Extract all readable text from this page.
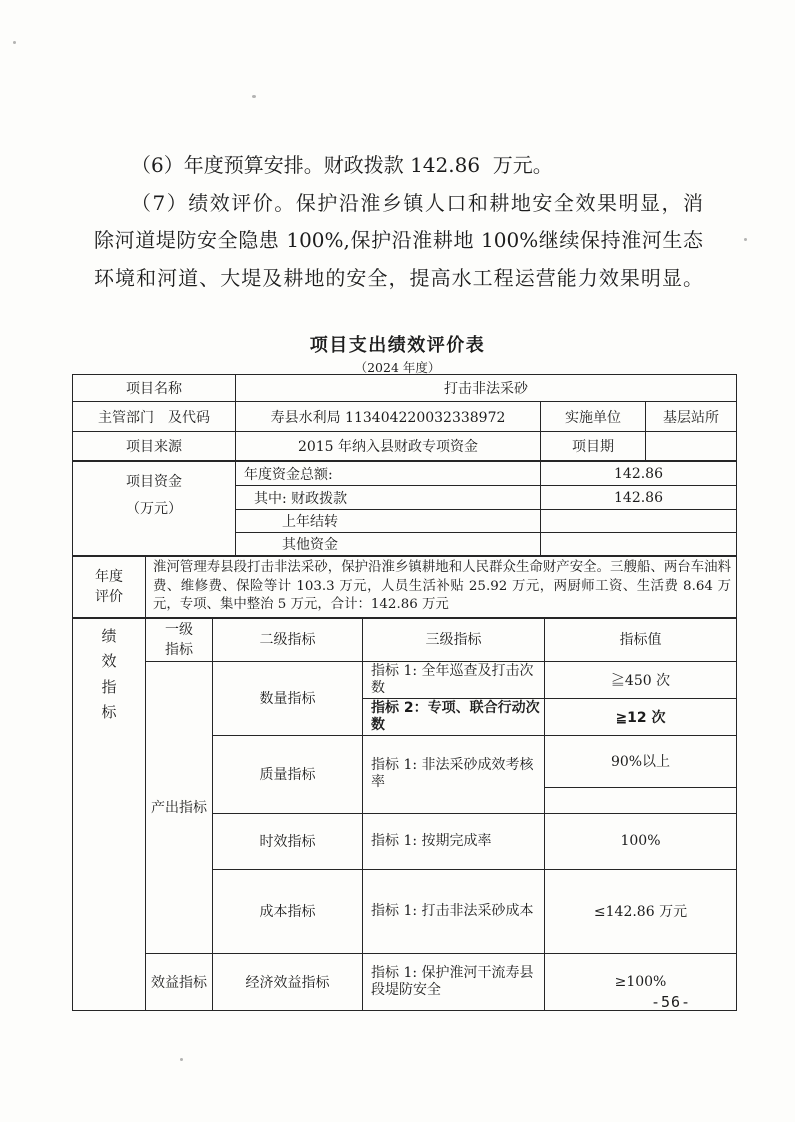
（6）年度预算安排。财政拨款 142.86  万元。
（7）绩效评价。保护沿淮乡镇人口和耕地安全效果明显，消
除河道堤防安全隐患 100%,保护沿淮耕地 100%继续保持淮河生态
环境和河道、大堤及耕地的安全，提高水工程运营能力效果明显。
项目支出绩效评价表
（2024 年度）
项目名称	打击非法采砂		
主管部门　及代码	寿县水利局 113404220032338972	实施单位	基层站所
项目来源	2015 年纳入县财政专项资金	项目期	
项目资金
（万元）	年度资金总额:	142.86
	其中: 财政拨款	142.86
	上年结转	
	其他资金	
年度评价
	淮河管理寿县段打击非法采砂，保护沿淮乡镇耕地和人民群众生命财产安全。三艘船、两台车油料费、维修费、保险等计 103.3 万元，人员生活补贴 25.92 万元，两厨师工资、生活费 8.64 万元，专项、集中整治 5 万元，合计：142.86 万元
绩效指标	一级指标	二级指标	三级指标	指标值
	产出指标	数量指标	指标 1: 全年巡查及打击次数	≧450 次
			指标 2：专项、联合行动次数	≧12 次
		质量指标	指标 1: 非法采砂成效考核率	90%以上

		时效指标	指标 1: 按期完成率	100%
		成本指标	指标 1: 打击非法采砂成本	≤142.86 万元
	效益指标	经济效益指标	指标 1: 保护淮河干流寿县段堤防安全	≥100%
-56-
